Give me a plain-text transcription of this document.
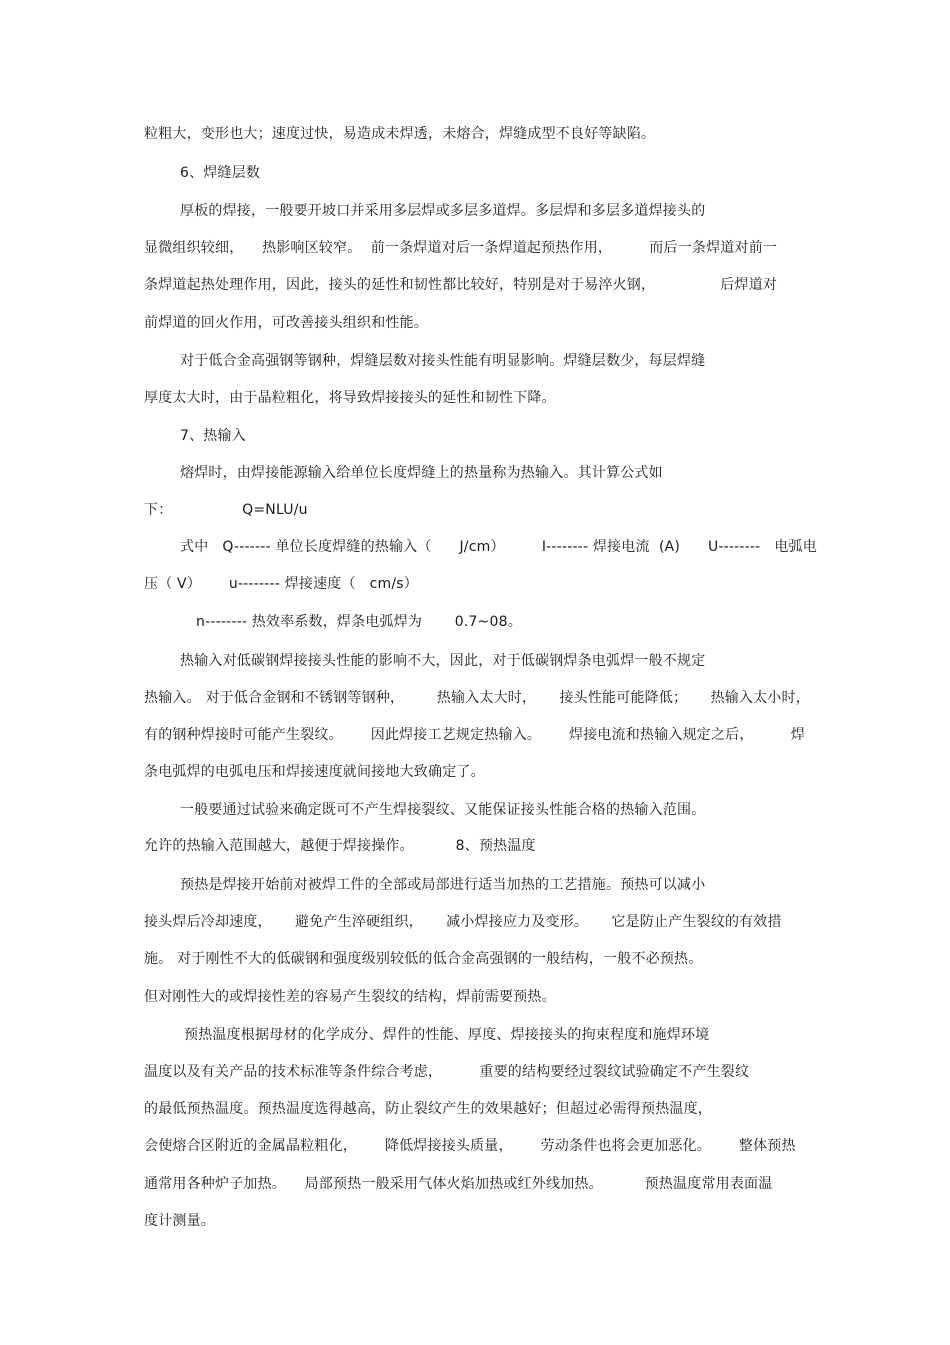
粒粗大，变形也大；速度过快，易造成未焊透，未熔合，焊缝成型不良好等缺陷。
6、焊缝层数
厚板的焊接，一般要开坡口并采用多层焊或多层多道焊。多层焊和多层多道焊接头的
显微组织较细，    热影响区较窄。  前一条焊道对后一条焊道起预热作用，        而后一条焊道对前一
条焊道起热处理作用，因此，接头的延性和韧性都比较好，特别是对于易淬火钢，              后焊道对
前焊道的回火作用，可改善接头组织和性能。
对于低合金高强钢等钢种，焊缝层数对接头性能有明显影响。焊缝层数少，每层焊缝
厚度太大时，由于晶粒粗化，将导致焊接接头的延性和韧性下降。
7、热输入
熔焊时，由焊接能源输入给单位长度焊缝上的热量称为热输入。其计算公式如
下：               Q=NLU/u
式中   Q------- 单位长度焊缝的热输入（      J/cm）        I-------- 焊接电流  (A)      U--------   电弧电
压（ V）      u-------- 焊接速度（   cm/s）
n-------- 热效率系数，焊条电弧焊为       0.7~08。
热输入对低碳钢焊接接头性能的影响不大，因此，对于低碳钢焊条电弧焊一般不规定
热输入。 对于低合金钢和不锈钢等钢种，       热输入太大时，     接头性能可能降低；     热输入太小时，
有的钢种焊接时可能产生裂纹。      因此焊接工艺规定热输入。      焊接电流和热输入规定之后，        焊
条电弧焊的电弧电压和焊接速度就间接地大致确定了。
一般要通过试验来确定既可不产生焊接裂纹、又能保证接头性能合格的热输入范围。
允许的热输入范围越大，越便于焊接操作。         8、预热温度
预热是焊接开始前对被焊工件的全部或局部进行适当加热的工艺措施。预热可以减小
接头焊后冷却速度，     避免产生淬硬组织，     减小焊接应力及变形。     它是防止产生裂纹的有效措
施。 对于刚性不大的低碳钢和强度级别较低的低合金高强钢的一般结构，一般不必预热。
但对刚性大的或焊接性差的容易产生裂纹的结构，焊前需要预热。
预热温度根据母材的化学成分、焊件的性能、厚度、焊接接头的拘束程度和施焊环境
温度以及有关产品的技术标准等条件综合考虑，        重要的结构要经过裂纹试验确定不产生裂纹
的最低预热温度。预热温度选得越高，防止裂纹产生的效果越好；但超过必需得预热温度，
会使熔合区附近的金属晶粒粗化，      降低焊接接头质量，      劳动条件也将会更加恶化。      整体预热
通常用各种炉子加热。    局部预热一般采用气体火焰加热或红外线加热。         预热温度常用表面温
度计测量。
